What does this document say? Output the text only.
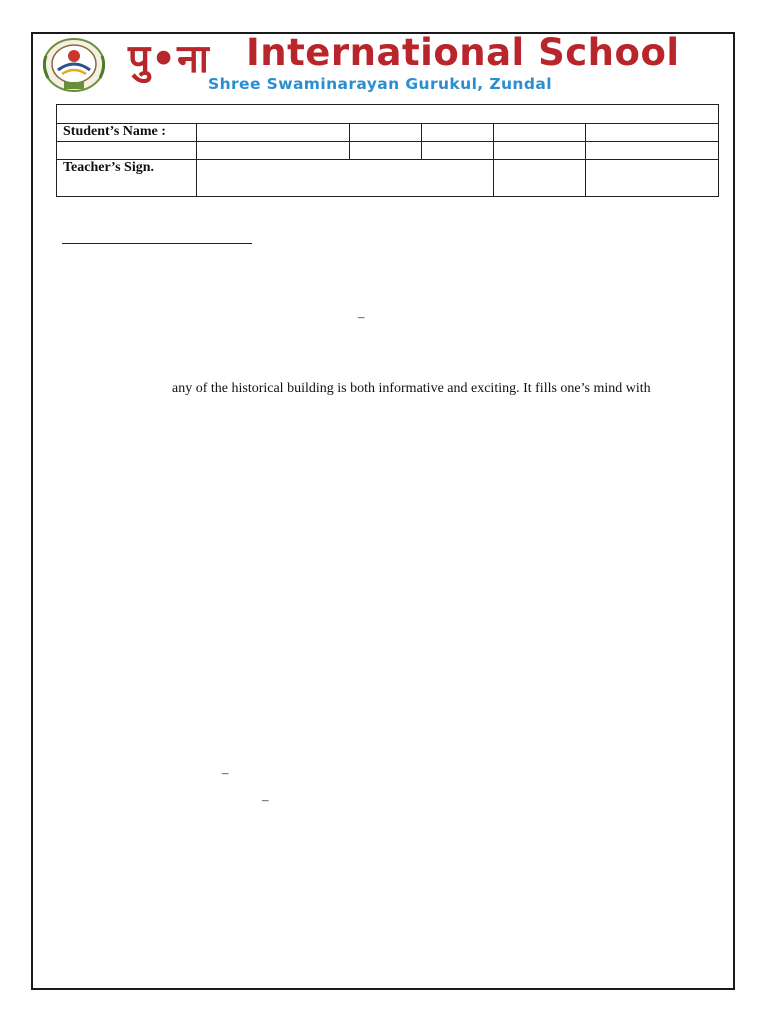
पु•ना International School
Shree Swaminarayan Gurukul, Zundal

Student’s Name :					

Teacher’s Sign.					
–
any of the historical building is both informative and exciting. It fills one’s mind with
–
–
